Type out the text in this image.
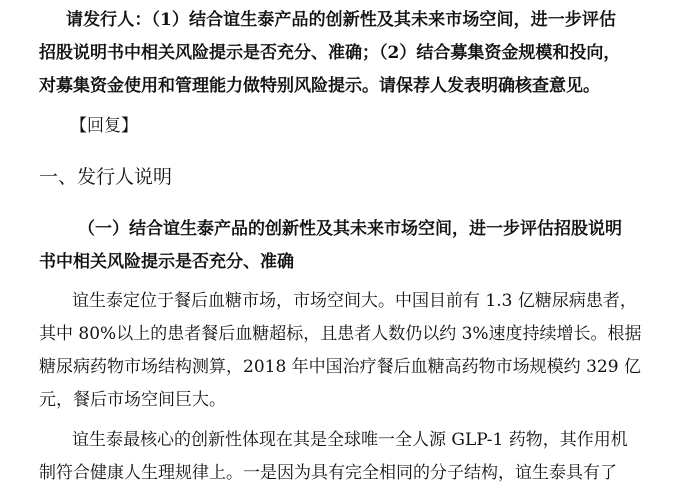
请发行人：（1）结合谊生泰产品的创新性及其未来市场空间，进一步评估
招股说明书中相关风险提示是否充分、准确；（2）结合募集资金规模和投向，
对募集资金使用和管理能力做特别风险提示。请保荐人发表明确核查意见。
【回复】
一、发行人说明
（一）结合谊生泰产品的创新性及其未来市场空间，进一步评估招股说明
书中相关风险提示是否充分、准确
谊生泰定位于餐后血糖市场，市场空间大。中国目前有 1.3 亿糖尿病患者，
其中 80%以上的患者餐后血糖超标，且患者人数仍以约 3%速度持续增长。根据
糖尿病药物市场结构测算，2018 年中国治疗餐后血糖高药物市场规模约 329 亿
元，餐后市场空间巨大。
谊生泰最核心的创新性体现在其是全球唯一全人源 GLP-1 药物，其作用机
制符合健康人生理规律上。一是因为具有完全相同的分子结构，谊生泰具有了
